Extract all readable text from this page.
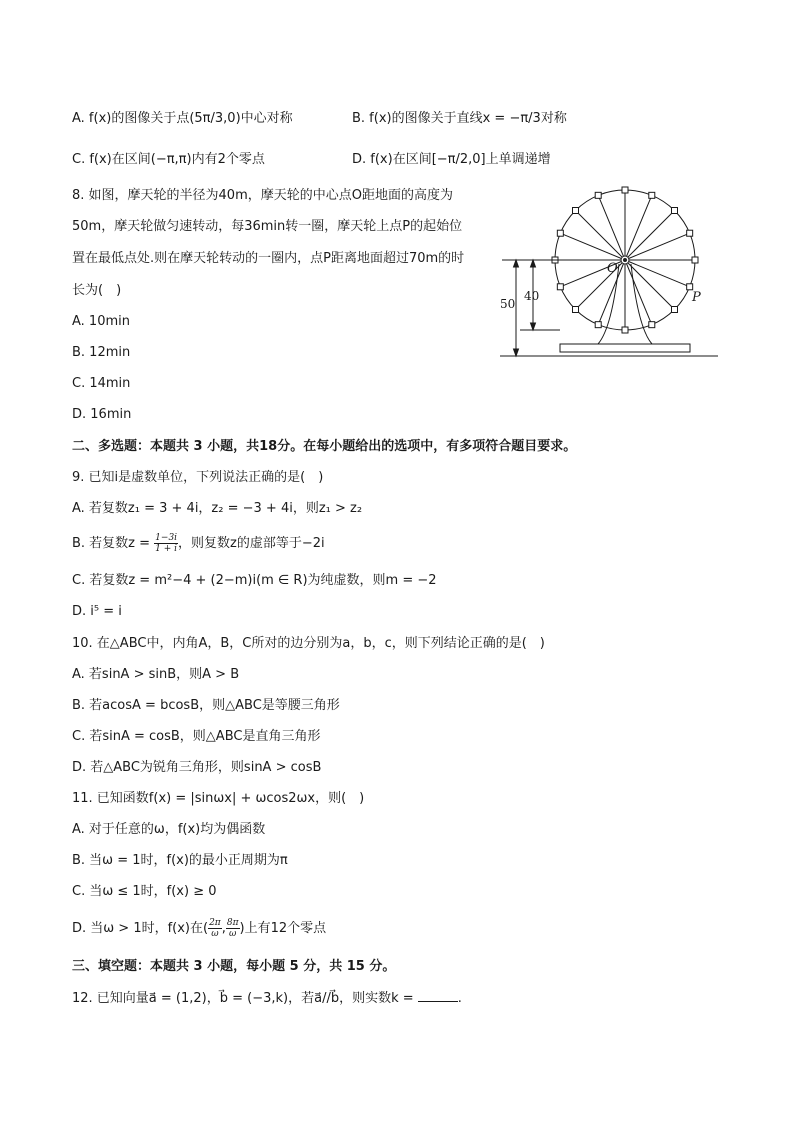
A. f(x)的图像关于点(5π/3,0)中心对称	B. f(x)的图像关于直线x = −π/3对称
C. f(x)在区间(−π,π)内有2个零点	D. f(x)在区间[−π/2,0]上单调递增
8. 如图，摩天轮的半径为40m，摩天轮的中心点O距地面的高度为
50m，摩天轮做匀速转动，每36min转一圈，摩天轮上点P的起始位
置在最低点处.则在摩天轮转动的一圈内，点P距离地面超过70m的时
长为(　)
A. 10min
B. 12min
C. 14min
D. 16min
O
P
40
50
二、多选题：本题共 3 小题，共18分。在每小题给出的选项中，有多项符合题目要求。
9. 已知i是虚数单位，下列说法正确的是(　)
A. 若复数z₁ = 3 + 4i，z₂ = −3 + 4i，则z₁ > z₂
B. 若复数$z = \frac{1-3i}{1 + i}$ ，则复数z的虚部等于−2i
C. 若复数z = m²−4 + (2−m)i(m ∈ R)为纯虚数，则m = −2
D. i⁵ = i
10. 在△ABC中，内角A，B，C所对的边分别为a，b，c，则下列结论正确的是(　)
A. 若sinA > sinB，则A > B
B. 若acosA = bcosB，则△ABC是等腰三角形
C. 若sinA = cosB，则△ABC是直角三角形
D. 若△ABC为锐角三角形，则sinA > cosB
11. 已知函数f(x) = |sinωx| + ωcos2ωx，则(　)
A. 对于任意的ω，f(x)均为偶函数
B. 当ω = 1时，f(x)的最小正周期为π
C. 当ω ≤ 1时，f(x) ≥ 0
D. 当ω > 1时，f(x)在( $\frac{2\pi}{\omega}$ , $\frac{8\pi}{\omega}$ )上有12个零点
三、填空题：本题共 3 小题，每小题 5 分，共 15 分。
12. 已知向量a⃗ = (1,2)，b⃗ = (−3,k)，若a⃗//b⃗，则实数k =	.
